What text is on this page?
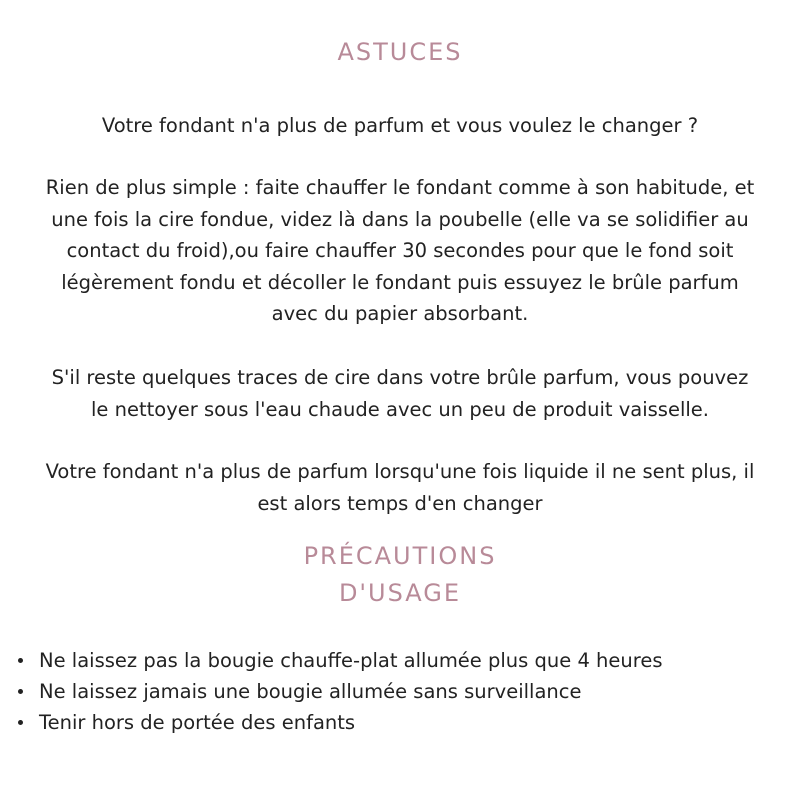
ASTUCES

Votre fondant n'a plus de parfum et vous voulez le changer ?

Rien de plus simple : faite chauffer le fondant comme à son habitude, et
une fois la cire fondue, videz là dans la poubelle (elle va se solidifier au
contact du froid),ou faire chauffer 30 secondes pour que le fond soit
légèrement fondu et décoller le fondant puis essuyez le brûle parfum
avec du papier absorbant.

S'il reste quelques traces de cire dans votre brûle parfum, vous pouvez
le nettoyer sous l'eau chaude avec un peu de produit vaisselle.

Votre fondant n'a plus de parfum lorsqu'une fois liquide il ne sent plus, il
est alors temps d'en changer

PRÉCAUTIONS
D'USAGE
Ne laissez pas la bougie chauffe-plat allumée plus que 4 heures
Ne laissez jamais une bougie allumée sans surveillance
Tenir hors de portée des enfants
